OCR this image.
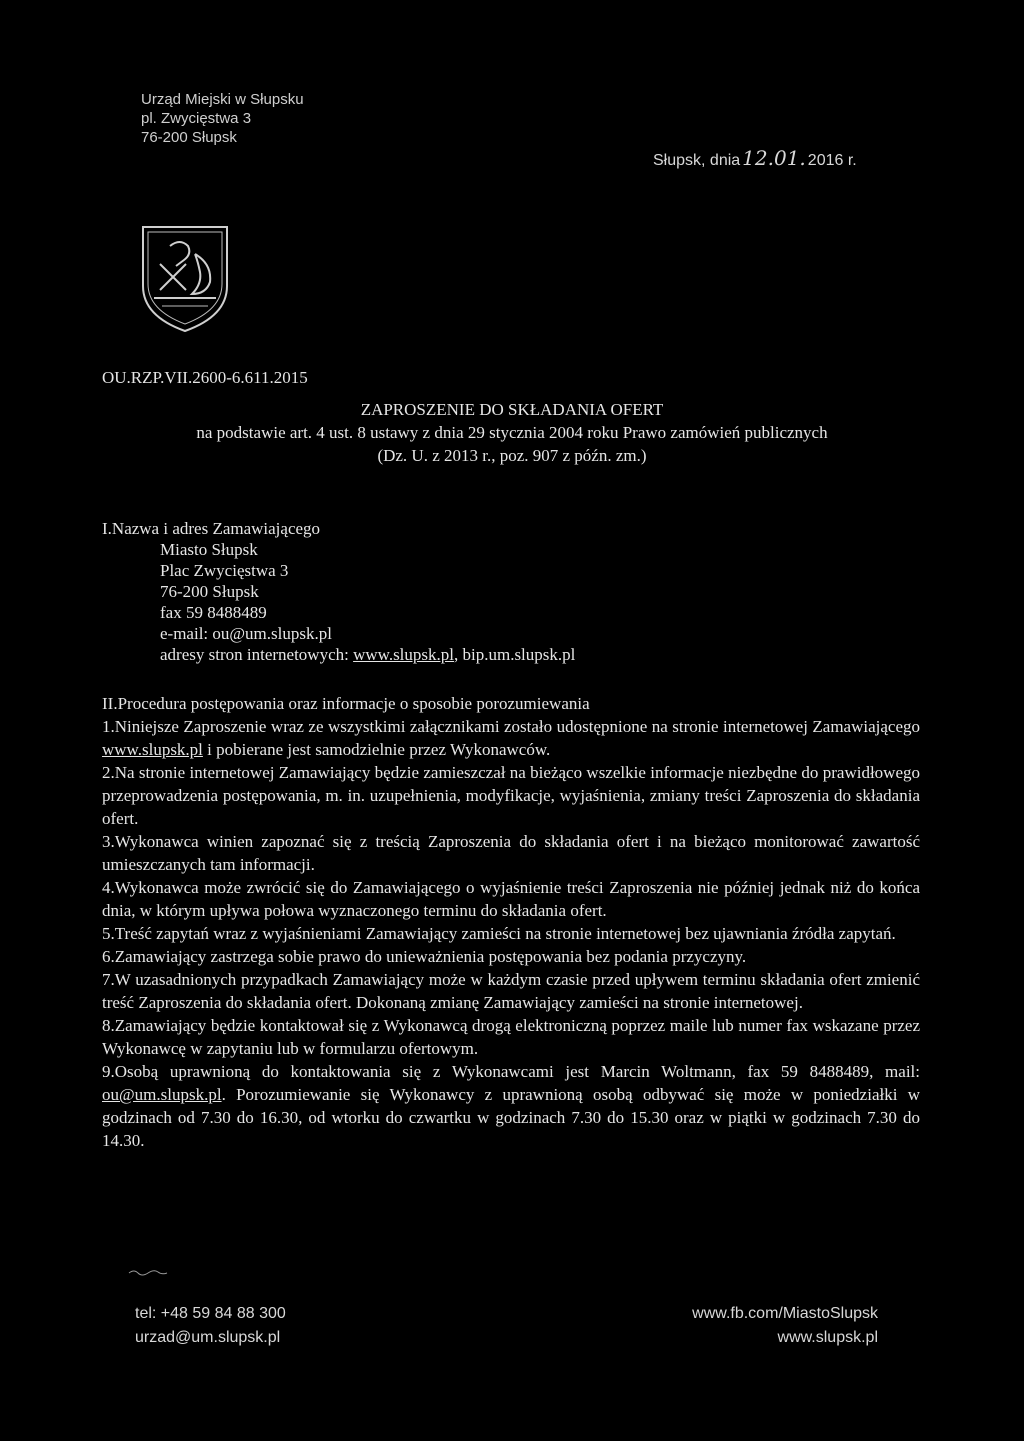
Urząd Miejski w Słupsku
pl. Zwycięstwa 3
76-200 Słupsk
Słupsk, dnia 12.01. 2016 r.
OU.RZP.VII.2600-6.611.2015
ZAPROSZENIE DO SKŁADANIA OFERT
na podstawie art. 4 ust. 8 ustawy z dnia 29 stycznia 2004 roku Prawo zamówień publicznych
(Dz. U. z 2013 r., poz. 907 z późn. zm.)
I.Nazwa i adres Zamawiającego
Miasto Słupsk
Plac Zwycięstwa 3
76-200 Słupsk
fax 59 8488489
e-mail: ou@um.slupsk.pl
adresy stron internetowych: www.slupsk.pl, bip.um.slupsk.pl

II.Procedura postępowania oraz informacje o sposobie porozumiewania

1.Niniejsze Zaproszenie wraz ze wszystkimi załącznikami zostało udostępnione na stronie internetowej Zamawiającego www.slupsk.pl i pobierane jest samodzielnie przez Wykonawców.

2.Na stronie internetowej Zamawiający będzie zamieszczał na bieżąco wszelkie informacje niezbędne do prawidłowego przeprowadzenia postępowania, m. in. uzupełnienia, modyfikacje, wyjaśnienia, zmiany treści Zaproszenia do składania ofert.

3.Wykonawca winien zapoznać się z treścią Zaproszenia do składania ofert i na bieżąco monitorować zawartość umieszczanych tam informacji.

4.Wykonawca może zwrócić się do Zamawiającego o wyjaśnienie treści Zaproszenia nie później jednak niż do końca dnia, w którym upływa połowa wyznaczonego terminu do składania ofert.

5.Treść zapytań wraz z wyjaśnieniami Zamawiający zamieści na stronie internetowej bez ujawniania źródła zapytań.

6.Zamawiający zastrzega sobie prawo do unieważnienia postępowania bez podania przyczyny.

7.W uzasadnionych przypadkach Zamawiający może w każdym czasie przed upływem terminu składania ofert zmienić treść Zaproszenia do składania ofert. Dokonaną zmianę Zamawiający zamieści na stronie internetowej.

8.Zamawiający będzie kontaktował się z Wykonawcą drogą elektroniczną poprzez maile lub numer fax wskazane przez Wykonawcę w zapytaniu lub w formularzu ofertowym.

9.Osobą uprawnioną do kontaktowania się z Wykonawcami jest Marcin Woltmann, fax 59 8488489, mail: ou@um.slupsk.pl. Porozumiewanie się Wykonawcy z uprawnioną osobą odbywać się może w poniedziałki w godzinach od 7.30 do 16.30, od wtorku do czwartku w godzinach 7.30 do 15.30 oraz w piątki w godzinach 7.30 do 14.30.

tel: +48 59 84 88 300
urzad@um.slupsk.pl
www.fb.com/MiastoSlupsk
www.slupsk.pl
